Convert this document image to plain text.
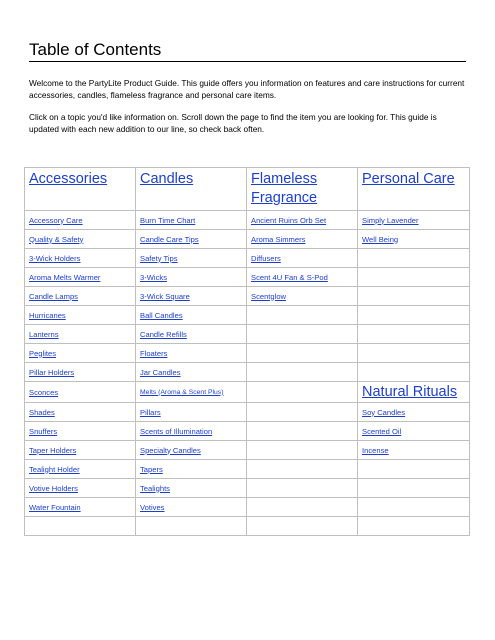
Table of Contents
Welcome to the PartyLite Product Guide. This guide offers you information on features and care instructions for current accessories, candles, flameless fragrance and personal care items.
Click on a topic you'd like information on. Scroll down the page to find the item you are looking for. This guide is updated with each new addition to our line, so check back often.
Accessories	Candles	Flameless Fragrance	Personal Care
Accessory Care	Burn Time Chart	Ancient Ruins Orb Set	Simply Lavender
Quality & Safety	Candle Care Tips	Aroma Simmers	Well Being
3-Wick Holders	Safety Tips	Diffusers	
Aroma Melts Warmer	3-Wicks	Scent 4U Fan & S-Pod	
Candle Lamps	3-Wick Square	Scentglow	
Hurricanes	Ball Candles		
Lanterns	Candle Refills		
Peglites	Floaters		
Pillar Holders	Jar Candles		
Sconces	Melts (Aroma & Scent Plus)		Natural Rituals
Shades	Pillars		Soy Candles
Snuffers	Scents of Illumination		Scented Oil
Taper Holders	Specialty Candles		Incense
Tealight Holder	Tapers		
Votive Holders	Tealights		
Water Fountain	Votives		
